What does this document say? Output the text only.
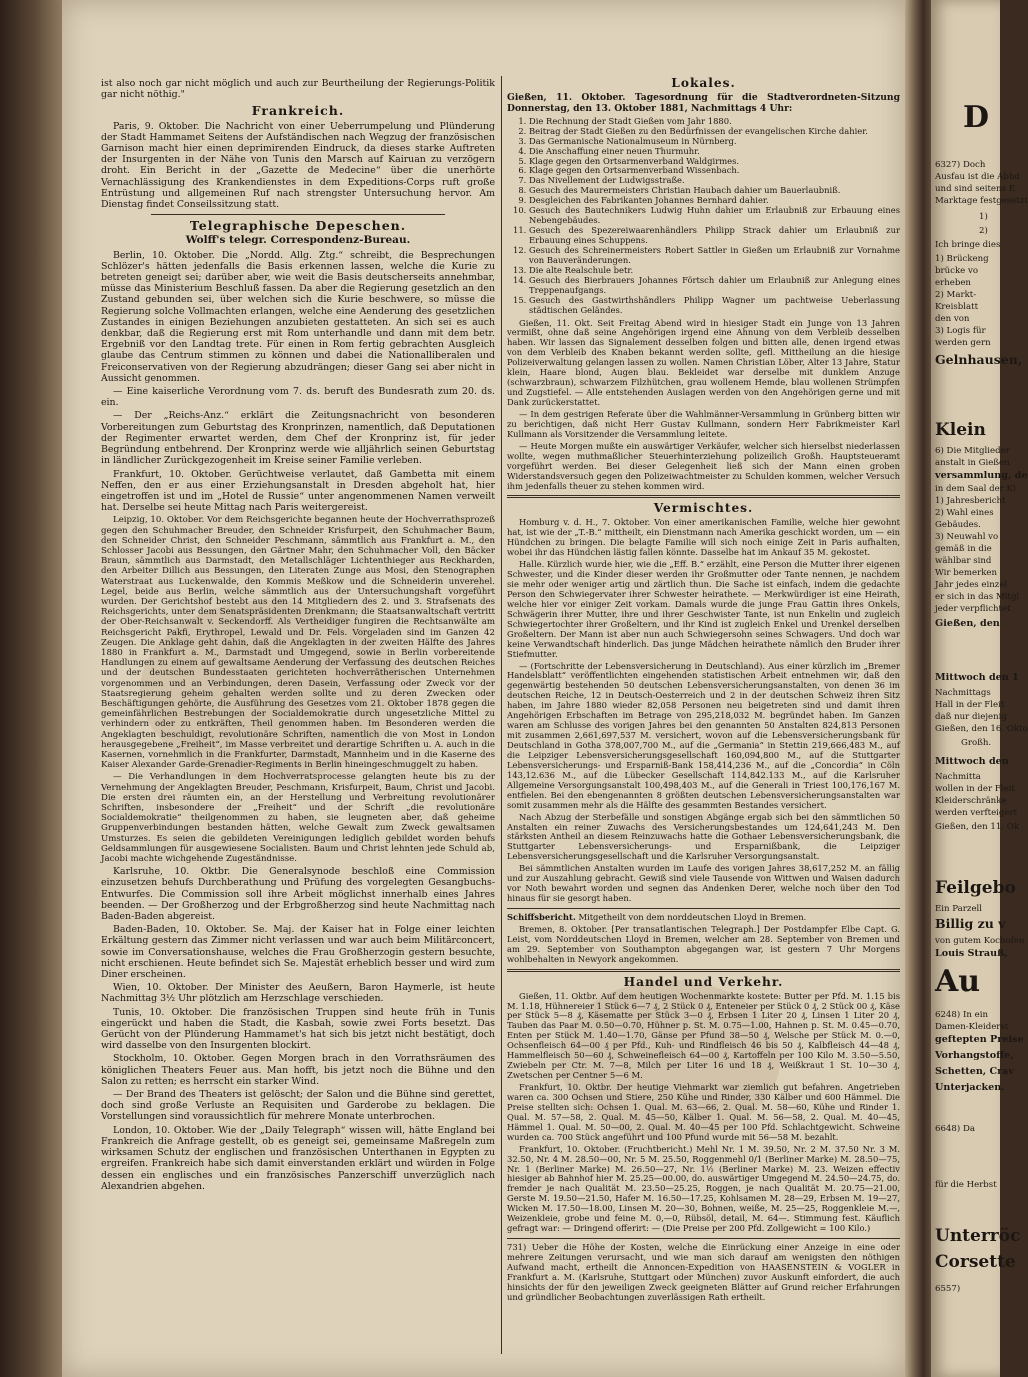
ist also noch gar nicht möglich und auch zur Beurtheilung der Regierungs-Politik gar nicht nöthig."

Frankreich.

Paris, 9. Oktober. Die Nachricht von einer Ueberrumpelung und Plünderung der Stadt Hammamet Seitens der Aufständischen nach Wegzug der französischen Garnison macht hier einen deprimirenden Eindruck, da dieses starke Auftreten der Insurgenten in der Nähe von Tunis den Marsch auf Kairuan zu verzögern droht. Ein Bericht in der „Gazette de Medecine“ über die unerhörte Vernachlässigung des Krankendienstes in dem Expeditions-Corps ruft große Entrüstung und allgemeinen Ruf nach strengster Untersuchung hervor. Am Dienstag findet Conseilssitzung statt.

Telegraphische Depeschen.
Wolff's telegr. Correspondenz-Bureau.

Berlin, 10. Oktober. Die „Nordd. Allg. Ztg.“ schreibt, die Besprechungen Schlözer's hätten jedenfalls die Basis erkennen lassen, welche die Kurie zu betreten geneigt sei; darüber aber, wie weit die Basis deutscherseits annehmbar, müsse das Ministerium Beschluß fassen. Da aber die Regierung gesetzlich an den Zustand gebunden sei, über welchen sich die Kurie beschwere, so müsse die Regierung solche Vollmachten erlangen, welche eine Aenderung des gesetzlichen Zustandes in einigen Beziehungen anzubieten gestatteten. An sich sei es auch denkbar, daß die Regierung erst mit Rom unterhandle und dann mit dem betr. Ergebniß vor den Landtag trete. Für einen in Rom fertig gebrachten Ausgleich glaube das Centrum stimmen zu können und dabei die Nationalliberalen und Freiconservativen von der Regierung abzudrängen; dieser Gang sei aber nicht in Aussicht genommen.

— Eine kaiserliche Verordnung vom 7. ds. beruft des Bundesrath zum 20. ds. ein.

— Der „Reichs-Anz.“ erklärt die Zeitungsnachricht von besonderen Vorbereitungen zum Geburtstag des Kronprinzen, namentlich, daß Deputationen der Regimenter erwartet werden, dem Chef der Kronprinz ist, für jeder Begründung entbehrend. Der Kronprinz werde wie alljährlich seinen Geburtstag in ländlicher Zurückgezogenheit im Kreise seiner Familie verleben.

Frankfurt, 10. Oktober. Gerüchtweise verlautet, daß Gambetta mit einem Neffen, den er aus einer Erziehungsanstalt in Dresden abgeholt hat, hier eingetroffen ist und im „Hotel de Russie“ unter angenommenen Namen verweilt hat. Derselbe sei heute Mittag nach Paris weitergereist.

Leipzig, 10. Oktober. Vor dem Reichsgerichte begannen heute der Hochverrathsprozeß gegen den Schuhmacher Breuder, den Schneider Krisfurpeit, den Schuhmacher Baum, den Schneider Christ, den Schneider Peschmann, sämmtlich aus Frankfurt a. M., den Schlosser Jacobi aus Bessungen, den Gärtner Mahr, den Schuhmacher Voll, den Bäcker Braun, sämmtlich aus Darmstadt, den Metallschläger Lichtenthieger aus Reckharden, den Arbeiter Dillich aus Bessungen, den Literaten Zunge aus Mosi, den Stenographen Waterstraat aus Luckenwalde, den Kommis Meßkow und die Schneiderin unverehel. Legel, beide aus Berlin, welche sämmtlich aus der Untersuchungshaft vorgeführt wurden. Der Gerichtshof bestebt aus den 14 Mitgliedern des 2. und 3. Strafsenats des Reichsgerichts, unter dem Senatspräsidenten Drenkmann; die Staatsanwaltschaft vertritt der Ober-Reichsanwalt v. Seckendorff. Als Vertheidiger fungiren die Rechtsanwälte am Reichsgericht Pakfi, Erythropel, Lewald und Dr. Fels. Vorgeladen sind im Ganzen 42 Zeugen. Die Anklage geht dahin, daß die Angeklagten in der zweiten Hälfte des Jahres 1880 in Frankfurt a. M., Darmstadt und Umgegend, sowie in Berlin vorbereitende Handlungen zu einem auf gewaltsame Aenderung der Verfassung des deutschen Reiches und der deutschen Bundesstaaten gerichteten hochverrätherischen Unternehmen vorgenommen und an Verbindungen, deren Dasein, Verfassung oder Zweck vor der Staatsregierung geheim gehalten werden sollte und zu deren Zwecken oder Beschäftigungen gehörte, die Ausführung des Gesetzes vom 21. Oktober 1878 gegen die gemeinfährlichen Bestrebungen der Socialdemokratie durch ungesetzliche Mittel zu verhindern oder zu entkräften, Theil genommen haben. Im Besonderen werden die Angeklagten beschuldigt, revolutionäre Schriften, namentlich die von Most in London herausgegebene „Freiheit“, im Masse verbreitet und derartige Schriften u. A. auch in die Kasernen, vornehmlich in die Frankfurter, Darmstadt, Mannheim und in die Kaserne des Kaiser Alexander Garde-Grenadier-Regiments in Berlin hineingeschmuggelt zu haben.

— Die Verhandlungen in dem Hochverratsprocesse gelangten heute bis zu der Vernehmung der Angeklagten Breuder, Peschmann, Krisfurpeit, Baum, Christ und Jacobi. Die ersten drei räumten ein, an der Herstellung und Verbreitung revolutionärer Schriften, insbesondere der „Freiheit“ und der Schrift „die revolutionäre Socialdemokratie“ theilgenommen zu haben, sie leugneten aber, daß geheime Gruppenverbindungen bestanden hätten, welche Gewalt zum Zweck gewaltsamen Umsturzes. Es seien die gebildeten Vereinigungen lediglich gebildet worden behufs Geldsammlungen für ausgewiesene Socialisten. Baum und Christ lehnten jede Schuld ab, Jacobi machte wichgehende Zugeständnisse.

Karlsruhe, 10. Oktbr. Die Generalsynode beschloß eine Commission einzusetzen behufs Durchberathung und Prüfung des vorgelegten Gesangbuchs-Entwurfes. Die Commission soll ihre Arbeit möglichst innerhalb eines Jahres beenden. — Der Großherzog und der Erbgroßherzog sind heute Nachmittag nach Baden-Baden abgereist.

Baden-Baden, 10. Oktober. Se. Maj. der Kaiser hat in Folge einer leichten Erkältung gestern das Zimmer nicht verlassen und war auch beim Militärconcert, sowie im Conversationshause, welches die Frau Großherzogin gestern besuchte, nicht erschienen. Heute befindet sich Se. Majestät erheblich besser und wird zum Diner erscheinen.

Wien, 10. Oktober. Der Minister des Aeußern, Baron Haymerle, ist heute Nachmittag 3½ Uhr plötzlich am Herzschlage verschieden.

Tunis, 10. Oktober. Die französischen Truppen sind heute früh in Tunis eingerückt und haben die Stadt, die Kasbah, sowie zwei Forts besetzt. Das Gerücht von der Plünderung Hammamet's hat sich bis jetzt nicht bestätigt, doch wird dasselbe von den Insurgenten blockirt.

Stockholm, 10. Oktober. Gegen Morgen brach in den Vorrathsräumen des königlichen Theaters Feuer aus. Man hofft, bis jetzt noch die Bühne und den Salon zu retten; es herrscht ein starker Wind.

— Der Brand des Theaters ist gelöscht; der Salon und die Bühne sind gerettet, doch sind große Verluste an Requisiten und Garderobe zu beklagen. Die Vorstellungen sind voraussichtlich für mehrere Monate unterbrochen.

London, 10. Oktober. Wie der „Daily Telegraph“ wissen will, hätte England bei Frankreich die Anfrage gestellt, ob es geneigt sei, gemeinsame Maßregeln zum wirksamen Schutz der englischen und französischen Unterthanen in Egypten zu ergreifen. Frankreich habe sich damit einverstanden erklärt und würden in Folge dessen ein englisches und ein französisches Panzerschiff unverzüglich nach Alexandrien abgehen.

Lokales.

Gießen, 11. Oktober. Tagesordnung für die Stadtverordneten-Sitzung Donnerstag, den 13. Oktober 1881, Nachmittags 4 Uhr:

1. Die Rechnung der Stadt Gießen vom Jahr 1880.
2. Beitrag der Stadt Gießen zu den Bedürfnissen der evangelischen Kirche dahier.
3. Das Germanische Nationalmuseum in Nürnberg.
4. Die Anschaffung einer neuen Thurmuhr.
5. Klage gegen den Ortsarmenverband Waldgirmes.
6. Klage gegen den Ortsarmenverband Wissenbach.
7. Das Nivellement der Ludwigsstraße.
8. Gesuch des Maurermeisters Christian Haubach dahier um Bauerlaubniß.
9. Desgleichen des Fabrikanten Johannes Bernhard dahier.
10. Gesuch des Bautechnikers Ludwig Huhn dahier um Erlaubniß zur Erbauung eines Nebengebäudes.
11. Gesuch des Spezereiwaarenhändlers Philipp Strack dahier um Erlaubniß zur Erbauung eines Schuppens.
12. Gesuch des Schreinermeisters Robert Sattler in Gießen um Erlaubniß zur Vornahme von Bauveränderungen.
13. Die alte Realschule betr.
14. Gesuch des Bierbrauers Johannes Förtsch dahier um Erlaubniß zur Anlegung eines Treppenaufgangs.
15. Gesuch des Gastwirthshändlers Philipp Wagner um pachtweise Ueberlassung städtischen Geländes.

Gießen, 11. Okt. Seit Freitag Abend wird in hiesiger Stadt ein Junge von 13 Jahren vermißt, ohne daß seine Angehörigen irgend eine Ahnung von dem Verbleib desselben haben. Wir lassen das Signalement desselben folgen und bitten alle, denen irgend etwas von dem Verbleib des Knaben bekannt werden sollte, gefl. Mittheilung an die hiesige Polizeiverwaltung gelangen lassen zu wollen. Namen Christian Löber, Alter 13 Jahre, Statur klein, Haare blond, Augen blau. Bekleidet war derselbe mit dunklem Anzuge (schwarzbraun), schwarzem Filzhütchen, grau wollenem Hemde, blau wollenen Strümpfen und Zugstiefel. — Alle entstehenden Auslagen werden von den Angehörigen gerne und mit Dank zurückerstattet.

— In dem gestrigen Referate über die Wahlmänner-Versammlung in Grünberg bitten wir zu berichtigen, daß nicht Herr Gustav Kullmann, sondern Herr Fabrikmeister Karl Kullmann als Vorsitzender die Versammlung leitete.

— Heute Morgen mußte ein auswärtiger Verkäufer, welcher sich hierselbst niederlassen wollte, wegen muthmaßlicher Steuerhinterziehung polizeilich Großh. Hauptsteueramt vorgeführt werden. Bei dieser Gelegenheit ließ sich der Mann einen groben Widerstandsversuch gegen den Polizeiwachtmeister zu Schulden kommen, welcher Versuch ihm jedenfalls theuer zu stehen kommen wird.

Vermischtes.

Homburg v. d. H., 7. Oktober. Von einer amerikanischen Familie, welche hier gewohnt hat, ist wie der „T.-B.“ mittheilt, ein Dienstmann nach Amerika geschickt worden, um — ein Hündchen zu bringen. Die belagte Familie will sich noch einige Zeit in Paris aufhalten, wobei ihr das Hündchen lästig fallen könnte. Dasselbe hat im Ankauf 35 M. gekostet.

Halle. Kürzlich wurde hier, wie die „Eff. B.“ erzählt, eine Person die Mutter ihrer eigenen Schwester, und die Kinder dieser werden ihr Großmutter oder Tante nennen, je nachdem sie mehr oder weniger artig und zärtlich thun. Die Sache ist einfach, indem die gedachte Person den Schwiegervater ihrer Schwester heirathete. — Merkwürdiger ist eine Heirath, welche hier vor einiger Zeit vorkam. Damals wurde die junge Frau Gattin ihres Onkels, Schwägerin ihrer Mutter, ihre und ihrer Geschwister Tante, ist nun Enkelin und zugleich Schwiegertochter ihrer Großeltern, und ihr Kind ist zugleich Enkel und Urenkel derselben Großeltern. Der Mann ist aber nun auch Schwiegersohn seines Schwagers. Und doch war keine Verwandtschaft hinderlich. Das junge Mädchen heirathete nämlich den Bruder ihrer Stiefmutter.

— (Fortschritte der Lebensversicherung in Deutschland). Aus einer kürzlich im „Bremer Handelsblatt“ veröffentlichten eingehenden statistischen Arbeit entnehmen wir, daß den gegenwärtig bestehenden 50 deutschen Lebensversicherungsanstalten, von denen 36 im deutschen Reiche, 12 in Deutsch-Oesterreich und 2 in der deutschen Schweiz ihren Sitz haben, im Jahre 1880 wieder 82,058 Personen neu beigetreten sind und damit ihren Angehörigen Erbschaften im Betrage von 295,218,032 M. begründet haben. Im Ganzen waren am Schlusse des vorigen Jahres bei den genannten 50 Anstalten 824,813 Personen mit zusammen 2,661,697,537 M. versichert, wovon auf die Lebensversicherungsbank für Deutschland in Gotha 378,007,700 M., auf die „Germania“ in Stettin 219,666,483 M., auf die Leipziger Lebensversicherungsgesellschaft 160,094,800 M., auf die Stuttgarter Lebensversicherungs- und Ersparniß-Bank 158,414,236 M., auf die „Concordia“ in Cöln 143,12.636 M., auf die Lübecker Gesellschaft 114,842.133 M., auf die Karlsruher Allgemeine Versorgungsanstalt 100,498,403 M., auf die Generali in Triest 100,176,167 M. entfielen. Bei den ebengenannten 8 größten deutschen Lebensversicherungsanstalten war somit zusammen mehr als die Hälfte des gesammten Bestandes versichert.

Nach Abzug der Sterbefälle und sonstigen Abgänge ergab sich bei den sämmtlichen 50 Anstalten ein reiner Zuwachs des Versicherungsbestandes um 124,641,243 M. Den stärksten Antheil an diesem Reinzuwachs hatte die Gothaer Lebensversicherungsbank, die Stuttgarter Lebensversicherungs- und Ersparnißbank, die Leipziger Lebensversicherungsgesellschaft und die Karlsruher Versorgungsanstalt.

Bei sämmtlichen Anstalten wurden im Laufe des vorigen Jahres 38,617,252 M. an fällig und zur Auszahlung gebracht. Gewiß sind viele Tausende von Wittwen und Waisen dadurch vor Noth bewahrt worden und segnen das Andenken Derer, welche noch über den Tod hinaus für sie gesorgt haben.

Schiffsbericht. Mitgetheilt von dem norddeutschen Lloyd in Bremen.

Bremen, 8. Oktober. [Per transatlantischen Telegraph.] Der Postdampfer Elbe Capt. G. Leist, vom Norddeutschen Lloyd in Bremen, welcher am 28. September von Bremen und am 29. September von Southampton abgegangen war, ist gestern 7 Uhr Morgens wohlbehalten in Newyork angekommen.

Handel und Verkehr.

Gießen, 11. Oktbr. Auf dem heutigen Wochenmarkte kostete: Butter per Pfd. M. 1.15 bis M. 1.18, Hühnereier 1 Stück 6—7 ₰, 2 Stück 0 ₰, Enteneier per Stück 0 ₰, 2 Stück 00 ₰, Käse per Stück 5—8 ₰, Käsematte per Stück 3—0 ₰, Erbsen 1 Liter 20 ₰, Linsen 1 Liter 20 ₰, Tauben das Paar M. 0.50—0.70, Hühner p. St. M. 0.75—1.00, Hahnen p. St. M. 0.45—0.70, Enten per Stück M. 1.40—1.70, Gänse per Pfund 38—50 ₰, Welsche per Stück M. 0.—0, Ochsenfleisch 64—00 ₰ per Pfd., Kuh- und Rindfleisch 46 bis 50 ₰, Kalbfleisch 44—48 ₰, Hammelfleisch 50—60 ₰, Schweinefleisch 64—00 ₰, Kartoffeln per 100 Kilo M. 3.50—5.50, Zwiebeln per Ctr. M. 7—8, Milch per Liter 16 und 18 ₰, Weißkraut 1 St. 10—30 ₰, Zwetschen per Centner 5—6 M.

Frankfurt, 10. Oktbr. Der heutige Viehmarkt war ziemlich gut befahren. Angetrieben waren ca. 300 Ochsen und Stiere, 250 Kühe und Rinder, 330 Kälber und 600 Hämmel. Die Preise stellten sich: Ochsen 1. Qual. M. 63—66, 2. Qual. M. 58—60, Kühe und Rinder 1. Qual. M. 57—58, 2. Qual. M. 45—50, Kälber 1. Qual. M. 56—58, 2. Qual. M. 40—45, Hämmel 1. Qual. M. 50—00, 2. Qual. M. 40—45 per 100 Pfd. Schlachtgewicht. Schweine wurden ca. 700 Stück angeführt und 100 Pfund wurde mit 56—58 M. bezahlt.

Frankfurt, 10. Oktober. (Fruchtbericht.) Mehl Nr. 1 M. 39.50, Nr. 2 M. 37.50 Nr. 3 M. 32.50, Nr. 4 M. 28.50—00, Nr. 5 M. 25.50, Roggenmehl 0/1 (Berliner Marke) M. 28.50—75, Nr. 1 (Berliner Marke) M. 26.50—27, Nr. 1½ (Berliner Marke) M. 23. Weizen effectiv hiesiger ab Bahnhof hier M. 25.25—00.00, do. auswärtiger Umgegend M. 24.50—24.75, do. fremder je nach Qualität M. 23.50—25.25, Roggen, je nach Qualität M. 20.75—21.00, Gerste M. 19.50—21.50, Hafer M. 16.50—17.25, Kohlsamen M. 28—29, Erbsen M. 19—27, Wicken M. 17.50—18.00, Linsen M. 20—30, Bohnen, weiße, M. 25—25, Roggenkleie M.—, Weizenkleie, grobe und feine M. 0,—0, Rübsöl, detail, M. 64—. Stimmung fest. Käuflich gefragt war: — Dringend offerirt: — (Die Preise per 200 Pfd. Zollgewicht = 100 Kilo.)

731) Ueber die Höhe der Kosten, welche die Einrückung einer Anzeige in eine oder mehrere Zeitungen verursacht, und wie man sich darauf am wenigsten den nöthigen Aufwand macht, ertheilt die Annoncen-Expedition von HAASENSTEIN & VOGLER in Frankfurt a. M. (Karlsruhe, Stuttgart oder München) zuvor Auskunft einfordert, die auch hinsichts der für den jeweiligen Zweck geeigneten Blätter auf Grund reicher Erfahrungen und gründlicher Beobachtungen zuverlässigen Rath ertheilt.

D
6327) Doch
Ausfau ist die Abhd
und sind seitens E
Marktage festgesetzt
1)
2)
Ich bringe dies
1) Brückeng
brücke vo
erheben
2) Markt-
Kreisblatt
den von
3) Logis für
werden gern
Gelnhausen,
Klein
6) Die Mitglieder
anstalt in Gießen
versammlung, de
in dem Saal der Kl
1) Jahresbericht
2) Wahl eines
Gebäudes.
3) Neuwahl vo
gemäß in die
wählbar sind
Wir bemerken
Jahr jedes einzel
er sich in das Mitgl
jeder verpflichtet
Gießen, den
Mittwoch den 1
Nachmittags
Hall in der Fleit
daß nur diejenig
Gießen, den 16. Okto
Großh.
Mittwoch den
Nachmitta
wollen in der Fleit
Kleiderschränke
werden verfteigert
Gießen, den 11. Ok
Feilgebo
Ein Parzell
Billig zu v
von gutem Kochofen
Louis Strauß,
Au
6248) In ein
Damen-Kleiderst
geftepten Preise
Vorhangstoffe,
Schetten, Crav
Unterjacken.
6648) Da
für die Herbst
Unterröc
Corsette
6557)
